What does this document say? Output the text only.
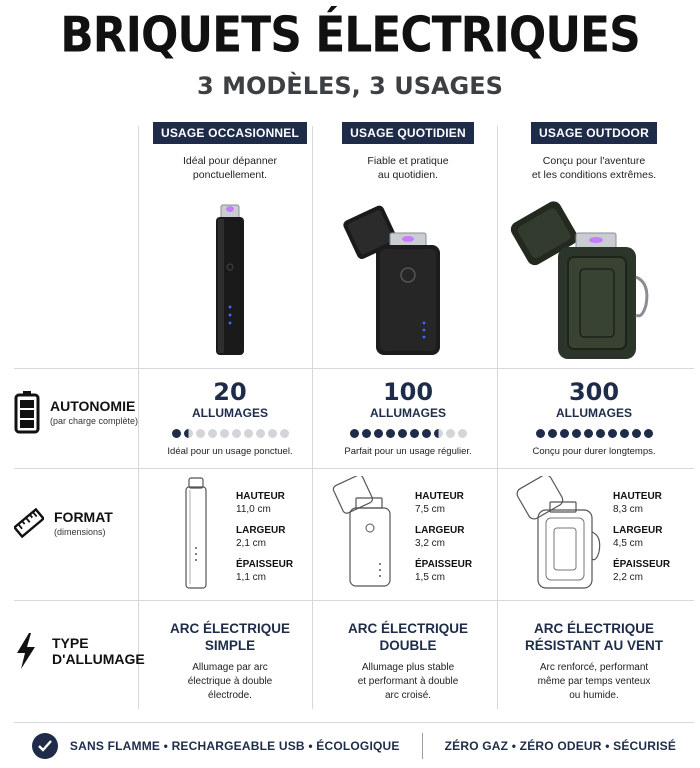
BRIQUETS ÉLECTRIQUES
3 MODÈLES, 3 USAGES
USAGE OCCASIONNEL
Idéal pour dépanner
ponctuellement.
USAGE QUOTIDIEN
Fiable et pratique
au quotidien.
USAGE OUTDOOR
Conçu pour l'aventure
et les conditions extrêmes.
AUTONOMIE
(par charge complète)
20
ALLUMAGES
Idéal pour un usage ponctuel.
100
ALLUMAGES
Parfait pour un usage régulier.
300
ALLUMAGES
Conçu pour durer longtemps.
FORMAT
(dimensions)
HAUTEUR
11,0 cm
LARGEUR
2,1 cm
ÉPAISSEUR
1,1 cm
HAUTEUR
7,5 cm
LARGEUR
3,2 cm
ÉPAISSEUR
1,5 cm
HAUTEUR
8,3 cm
LARGEUR
4,5 cm
ÉPAISSEUR
2,2 cm
TYPE
D'ALLUMAGE
ARC ÉLECTRIQUE
SIMPLE
Allumage par arc
électrique à double
électrode.
ARC ÉLECTRIQUE
DOUBLE
Allumage plus stable
et performant à double
arc croisé.
ARC ÉLECTRIQUE
RÉSISTANT AU VENT
Arc renforcé, performant
même par temps venteux
ou humide.
SANS FLAMME • RECHARGEABLE USB • ÉCOLOGIQUE	ZÉRO GAZ • ZÉRO ODEUR • SÉCURISÉ
